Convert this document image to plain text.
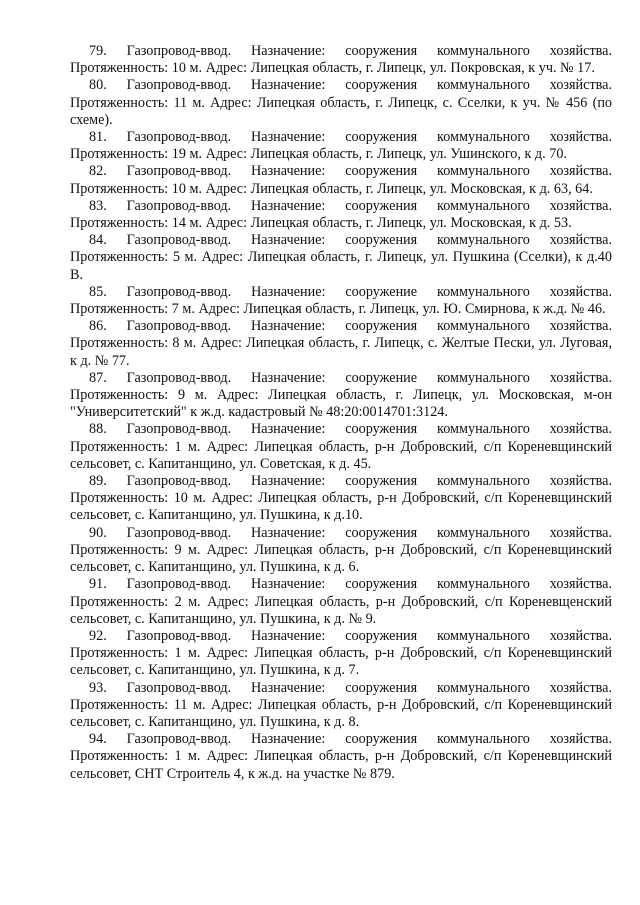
79. Газопровод-ввод. Назначение: сооружения коммунального хозяйства. Протяженность: 10 м. Адрес: Липецкая область, г. Липецк, ул. Покровская, к уч. № 17.

80. Газопровод-ввод. Назначение: сооружения коммунального хозяйства. Протяженность: 11 м. Адрес: Липецкая область, г. Липецк, с. Сселки, к уч. № 456 (по схеме).

81. Газопровод-ввод. Назначение: сооружения коммунального хозяйства. Протяженность: 19 м. Адрес: Липецкая область, г. Липецк, ул. Ушинского, к д. 70.

82. Газопровод-ввод. Назначение: сооружения коммунального хозяйства. Протяженность: 10 м. Адрес: Липецкая область, г. Липецк, ул. Московская, к д. 63, 64.

83. Газопровод-ввод. Назначение: сооружения коммунального хозяйства. Протяженность: 14 м. Адрес: Липецкая область, г. Липецк, ул. Московская, к д. 53.

84. Газопровод-ввод. Назначение: сооружения коммунального хозяйства. Протяженность: 5 м. Адрес: Липецкая область, г. Липецк, ул. Пушкина (Сселки), к д.40 В.

85. Газопровод-ввод. Назначение: сооружение коммунального хозяйства. Протяженность: 7 м. Адрес: Липецкая область, г. Липецк, ул. Ю. Смирнова, к ж.д. № 46.

86. Газопровод-ввод. Назначение: сооружения коммунального хозяйства. Протяженность: 8 м. Адрес: Липецкая область, г. Липецк, с. Желтые Пески, ул. Луговая, к д. № 77.

87. Газопровод-ввод. Назначение: сооружение коммунального хозяйства. Протяженность: 9 м. Адрес: Липецкая область, г. Липецк, ул. Московская, м-он "Университетский" к ж.д. кадастровый № 48:20:0014701:3124.

88. Газопровод-ввод. Назначение: сооружения коммунального хозяйства. Протяженность: 1 м. Адрес: Липецкая область, р-н Добровский, с/п Кореневщинский сельсовет, с. Капитанщино, ул. Советская, к д. 45.

89. Газопровод-ввод. Назначение: сооружения коммунального хозяйства. Протяженность: 10 м. Адрес: Липецкая область, р-н Добровский, с/п Кореневщинский сельсовет, с. Капитанщино, ул. Пушкина, к д.10.

90. Газопровод-ввод. Назначение: сооружения коммунального хозяйства. Протяженность: 9 м. Адрес: Липецкая область, р-н Добровский, с/п Кореневщинский сельсовет, с. Капитанщино, ул. Пушкина, к д. 6.

91. Газопровод-ввод. Назначение: сооружения коммунального хозяйства. Протяженность: 2 м. Адрес: Липецкая область, р-н Добровский, с/п Кореневщенский сельсовет, с. Капитанщино, ул. Пушкина, к д. № 9.

92. Газопровод-ввод. Назначение: сооружения коммунального хозяйства. Протяженность: 1 м. Адрес: Липецкая область, р-н Добровский, с/п Кореневщинский сельсовет, с. Капитанщино, ул. Пушкина, к д. 7.

93. Газопровод-ввод. Назначение: сооружения коммунального хозяйства. Протяженность: 11 м. Адрес: Липецкая область, р-н Добровский, с/п Кореневщинский сельсовет, с. Капитанщино, ул. Пушкина, к д. 8.

94. Газопровод-ввод. Назначение: сооружения коммунального хозяйства. Протяженность: 1 м. Адрес: Липецкая область, р-н Добровский, с/п Кореневщинский сельсовет, СНТ Строитель 4, к ж.д. на участке № 879.
